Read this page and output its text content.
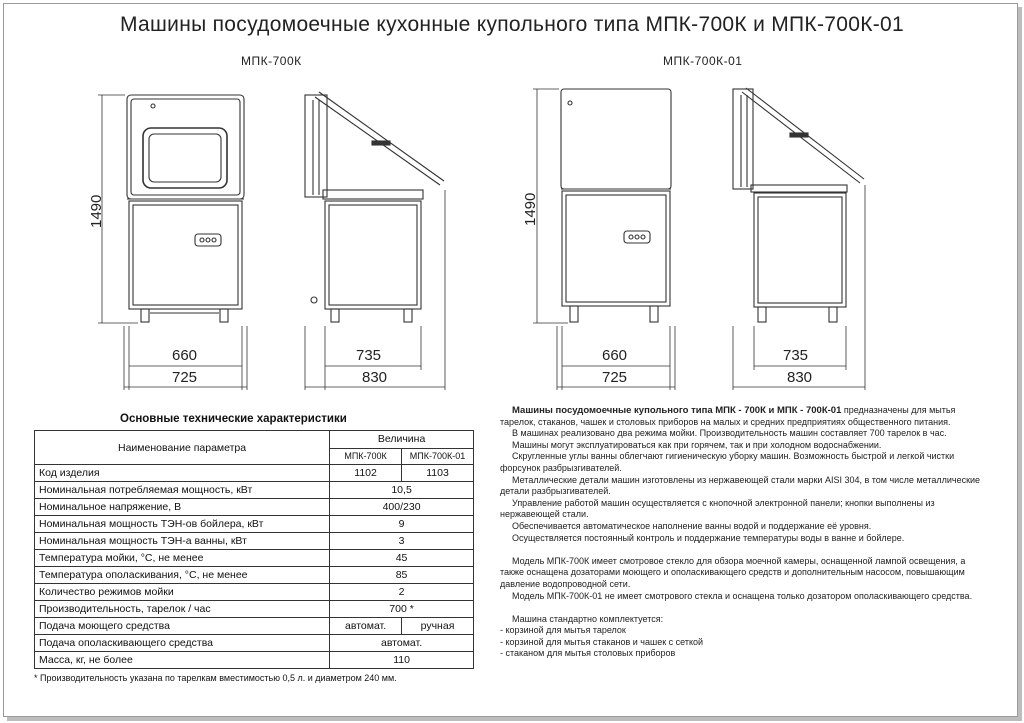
Машины посудомоечные кухонные купольного типа МПК-700К и МПК-700К-01
МПК-700К	МПК-700К-01
1490	1490
660
725
735
830
660
725
735
830
Основные технические характеристики
Наименование параметра	Величина	
	МПК-700К	МПК-700К-01
Код изделия	1102	1103
Номинальная потребляемая мощность, кВт	10,5	
Номинальное напряжение, В	400/230	
Номинальная мощность ТЭН-ов бойлера, кВт	9	
Номинальная мощность ТЭН-а ванны, кВт	3	
Температура мойки, °С, не менее	45	
Температура ополаскивания, °С, не менее	85	
Количество режимов мойки	2	
Производительность, тарелок / час	700 *	
Подача моющего средства	автомат.	ручная
Подача ополаскивающего средства	автомат.	
Масса, кг, не более	110	
* Производительность указана по тарелкам вместимостью 0,5 л. и диаметром 240 мм.

Машины посудомоечные купольного типа МПК - 700К и МПК - 700К-01 предназначены для мытья тарелок, стаканов, чашек и столовых приборов на малых и средних предприятиях общественного питания.

В машинах реализовано два режима мойки. Производительность машин составляет 700 тарелок в час.

Машины могут эксплуатироваться как при горячем, так и при холодном водоснабжении.

Скругленные углы ванны облегчают гигиеническую уборку машин. Возможность быстрой и легкой чистки форсунок разбрызгивателей.

Металлические детали машин изготовлены из нержавеющей стали марки AISI 304, в том числе металлические детали разбрызгивателей.

Управление работой машин осуществляется с кнопочной электронной панели; кнопки выполнены из нержавеющей стали.

Обеспечивается автоматическое наполнение ванны водой и поддержание её уровня.

Осуществляется постоянный контроль и поддержание температуры воды в ванне и бойлере.

Модель МПК-700К имеет смотровое стекло для обзора моечной камеры, оснащенной лампой освещения, а также оснащена дозаторами моющего и ополаскивающего средств и дополнительным насосом, повышающим давление водопроводной сети.

Модель МПК-700К-01 не имеет смотрового стекла и оснащена только дозатором ополаскивающего средства.

Машина стандартно комплектуется:

- корзиной для мытья тарелок

- корзиной для мытья стаканов и чашек с сеткой

- стаканом для мытья столовых приборов
